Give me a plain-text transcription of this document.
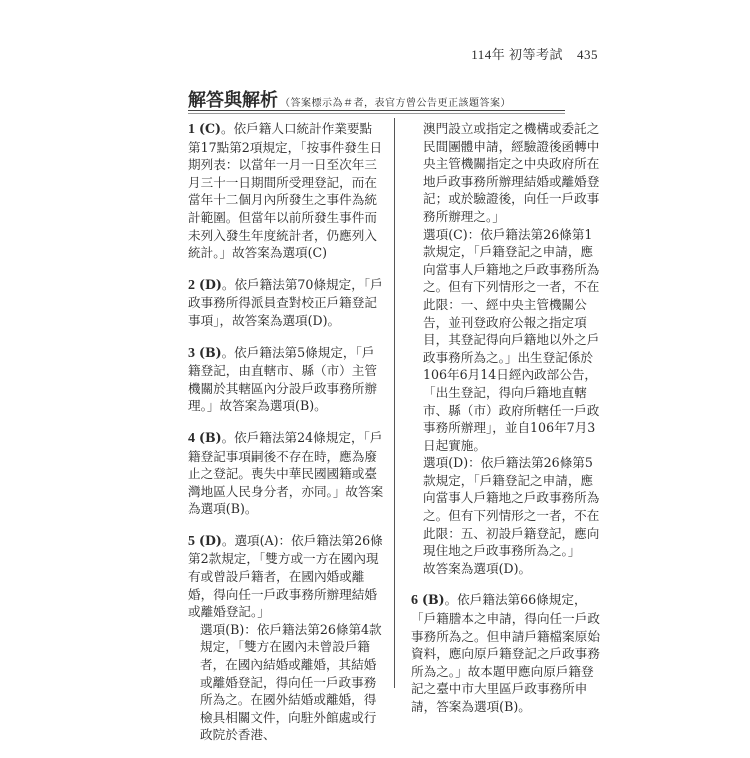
114年 初等考試 435
解答與解析 （答案標示為＃者，表官方曾公告更正該題答案）

1 (C)。依戶籍人口統計作業要點第17點第2項規定，「按事件發生日期列表：以當年一月一日至次年三月三十一日期間所受理登記，而在當年十二個月內所發生之事件為統計範圍。但當年以前所發生事件而未列入發生年度統計者，仍應列入統計。」故答案為選項(C)

2 (D)。依戶籍法第70條規定，「戶政事務所得派員查對校正戶籍登記事項」，故答案為選項(D)。

3 (B)。依戶籍法第5條規定，「戶籍登記，由直轄市、縣（市）主管機關於其轄區內分設戶政事務所辦理。」故答案為選項(B)。

4 (B)。依戶籍法第24條規定，「戶籍登記事項嗣後不存在時，應為廢止之登記。喪失中華民國國籍或臺灣地區人民身分者，亦同。」故答案為選項(B)。

5 (D)。選項(A)：依戶籍法第26條第2款規定，「雙方或一方在國內現有或曾設戶籍者，在國內婚或離婚，得向任一戶政事務所辦理結婚或離婚登記。」

選項(B)：依戶籍法第26條第4款規定，「雙方在國內未曾設戶籍者，在國內結婚或離婚，其結婚或離婚登記，得向任一戶政事務所為之。在國外結婚或離婚，得檢具相關文件，向駐外館處或行政院於香港、

澳門設立或指定之機構或委託之民間團體申請，經驗證後函轉中央主管機關指定之中央政府所在地戶政事務所辦理結婚或離婚登記；或於驗證後，向任一戶政事務所辦理之。」

選項(C)：依戶籍法第26條第1款規定，「戶籍登記之申請，應向當事人戶籍地之戶政事務所為之。但有下列情形之一者，不在此限：一、經中央主管機關公告，並刊登政府公報之指定項目，其登記得向戶籍地以外之戶政事務所為之。」出生登記係於106年6月14日經內政部公告，「出生登記，得向戶籍地直轄市、縣（市）政府所轄任一戶政事務所辦理」，並自106年7月3日起實施。

選項(D)：依戶籍法第26條第5款規定，「戶籍登記之申請，應向當事人戶籍地之戶政事務所為之。但有下列情形之一者，不在此限：五、初設戶籍登記，應向現住地之戶政事務所為之。」

故答案為選項(D)。

6 (B)。依戶籍法第66條規定，「戶籍謄本之申請，得向任一戶政事務所為之。但申請戶籍檔案原始資料，應向原戶籍登記之戶政事務所為之。」故本題甲應向原戶籍登記之臺中市大里區戶政事務所申請，答案為選項(B)。
